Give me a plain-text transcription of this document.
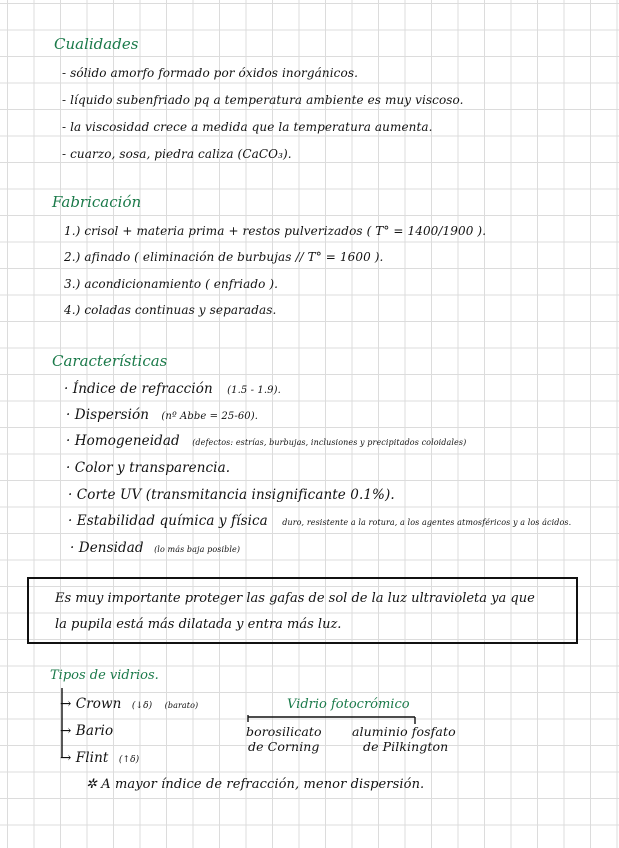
Cualidades
- sólido amorfo formado por óxidos inorgánicos.
- líquido subenfriado pq a temperatura ambiente es muy viscoso.
- la viscosidad crece a medida que la temperatura aumenta.
- cuarzo, sosa, piedra caliza (CaCO₃).
Fabricación
1.) crisol + materia prima + restos pulverizados ( T° = 1400/1900 ).
2.) afinado ( eliminación de burbujas // T° = 1600 ).
3.) acondicionamiento ( enfriado ).
4.) coladas continuas y separadas.
Características
· Índice de refracción (1.5 - 1.9).
· Dispersión (nº Abbe = 25-60).
· Homogeneidad (defectos: estrías, burbujas, inclusiones y precipitados coloidales)
· Color y transparencia.
· Corte UV (transmitancia insignificante 0.1%).
· Estabilidad química y física duro, resistente a la rotura, a los agentes atmosféricos y a los ácidos.
· Densidad (lo más baja posible)
Es muy importante proteger las gafas de sol de la luz ultravioleta ya que
la pupila está más dilatada y entra más luz.
Tipos de vidrios.
→ Crown (↓δ) (barato)
→ Bario
→ Flint (↑δ)
✲ A mayor índice de refracción, menor dispersión.
Vidrio fotocrómico
borosilicato
de Corning
aluminio fosfato
de Pilkington
